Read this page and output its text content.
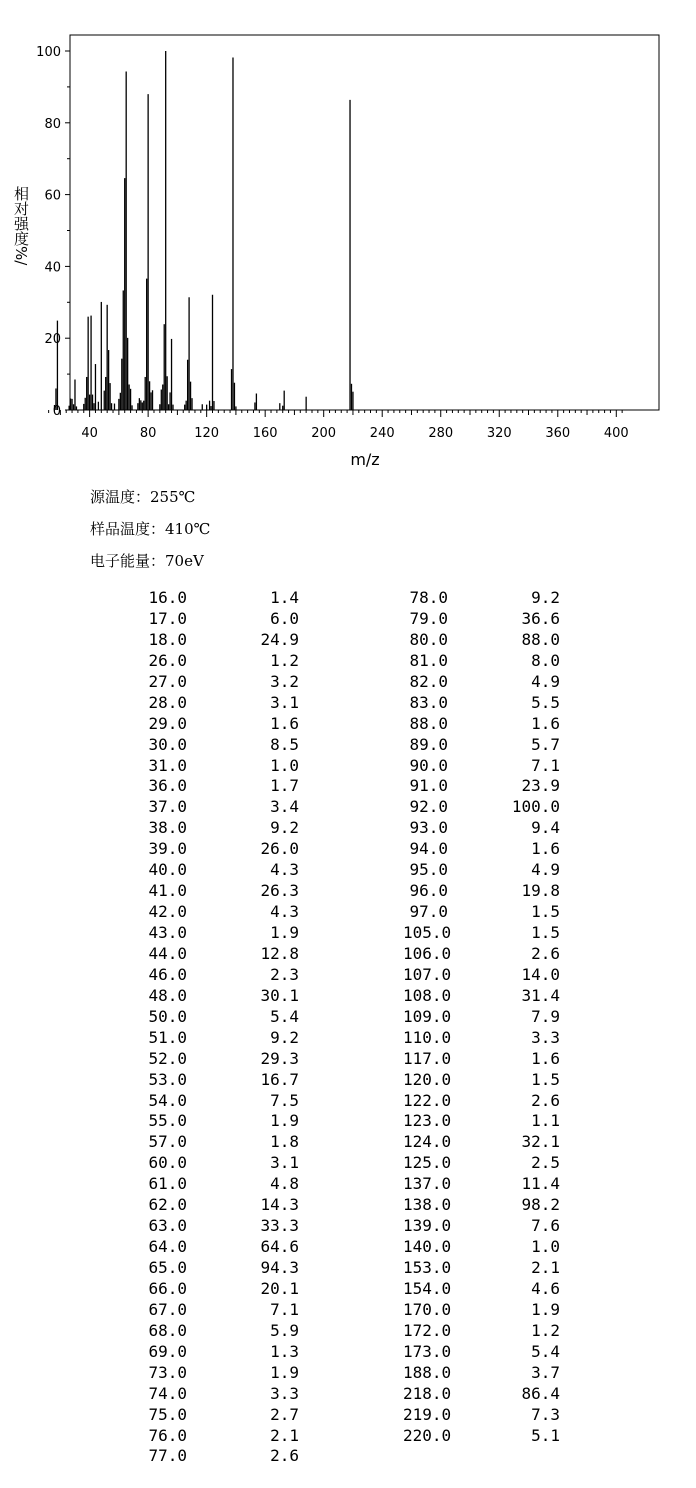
0
20
40
60
80
100
40	80	120	160	200	240	280	320	360	400
m/z
相对强度%/
源温度：255℃
样品温度：410℃
电子能量：70eV
16.0	1.4
17.0	6.0
18.0	24.9
26.0	1.2
27.0	3.2
28.0	3.1
29.0	1.6
30.0	8.5
31.0	1.0
36.0	1.7
37.0	3.4
38.0	9.2
39.0	26.0
40.0	4.3
41.0	26.3
42.0	4.3
43.0	1.9
44.0	12.8
46.0	2.3
48.0	30.1
50.0	5.4
51.0	9.2
52.0	29.3
53.0	16.7
54.0	7.5
55.0	1.9
57.0	1.8
60.0	3.1
61.0	4.8
62.0	14.3
63.0	33.3
64.0	64.6
65.0	94.3
66.0	20.1
67.0	7.1
68.0	5.9
69.0	1.3
73.0	1.9
74.0	3.3
75.0	2.7
76.0	2.1
77.0	2.6
78.0	9.2
79.0	36.6
80.0	88.0
81.0	8.0
82.0	4.9
83.0	5.5
88.0	1.6
89.0	5.7
90.0	7.1
91.0	23.9
92.0	100.0
93.0	9.4
94.0	1.6
95.0	4.9
96.0	19.8
97.0	1.5
105.0	1.5
106.0	2.6
107.0	14.0
108.0	31.4
109.0	7.9
110.0	3.3
117.0	1.6
120.0	1.5
122.0	2.6
123.0	1.1
124.0	32.1
125.0	2.5
137.0	11.4
138.0	98.2
139.0	7.6
140.0	1.0
153.0	2.1
154.0	4.6
170.0	1.9
172.0	1.2
173.0	5.4
188.0	3.7
218.0	86.4
219.0	7.3
220.0	5.1
